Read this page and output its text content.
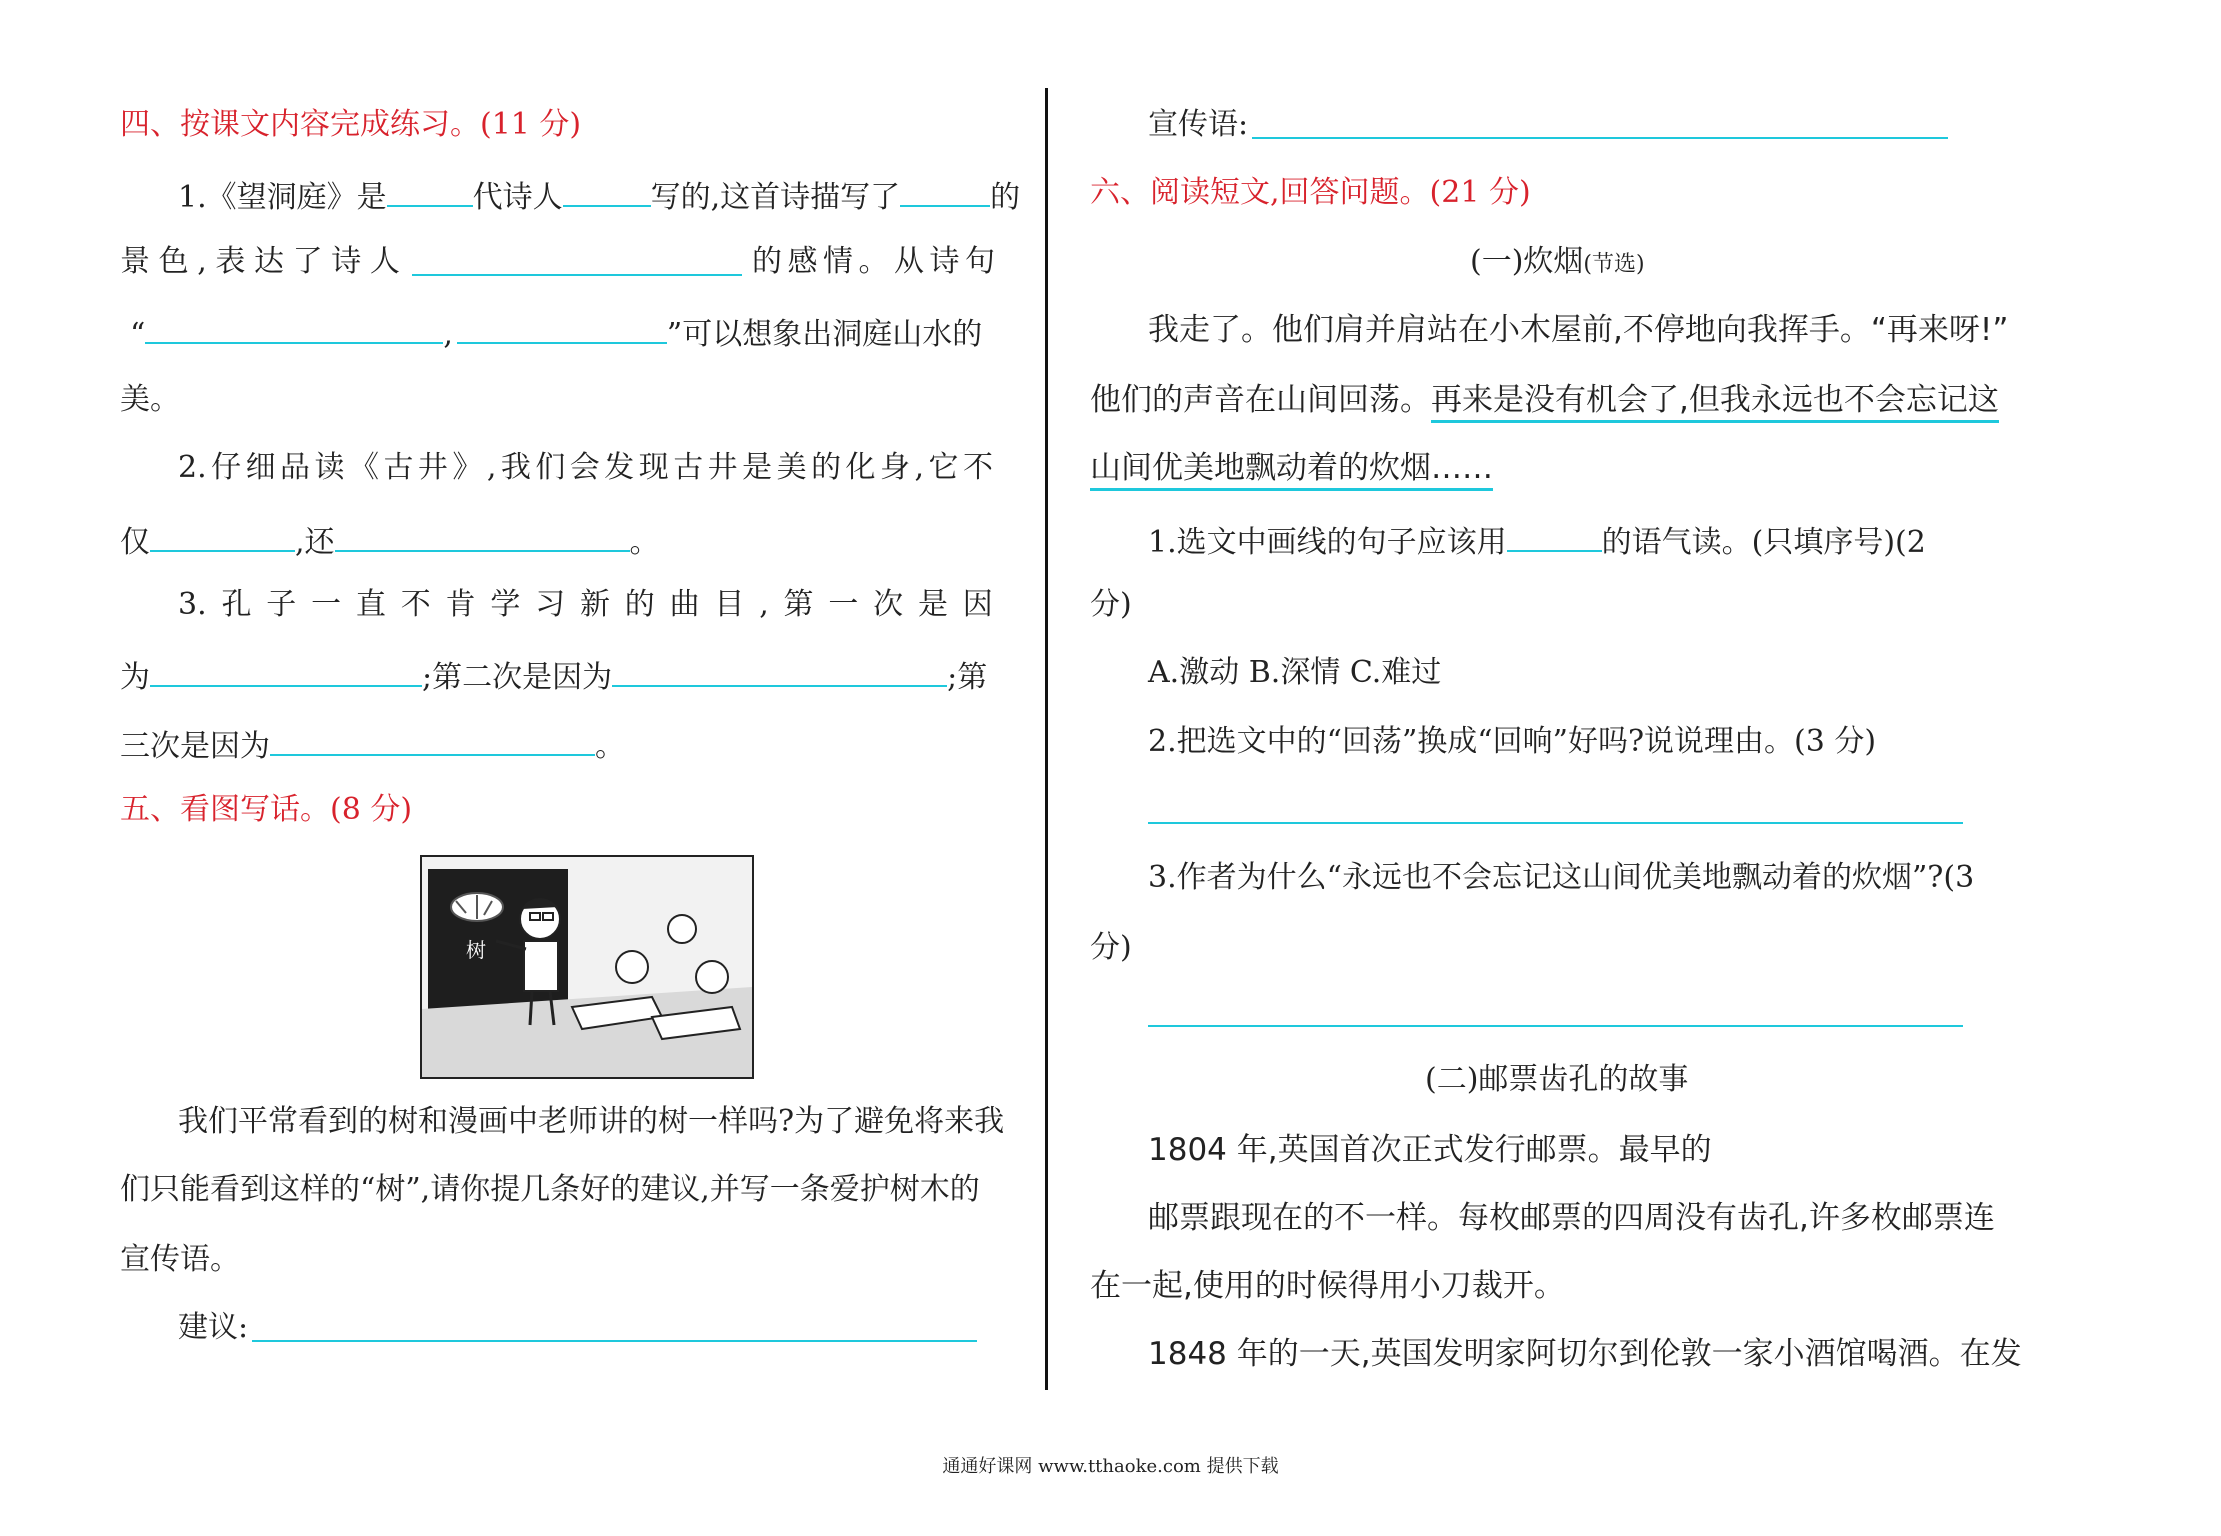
四、按课文内容完成练习。(11 分)
1.《望洞庭》是	代诗人	写的,这首诗描写了	的
景 色 , 表 达 了 诗 人	的 感 情 。 从 诗 句
“	,	”可以想象出洞庭山水的
美。
2. 仔 细 品 读 《 古 井 》 , 我 们 会 发 现 古 井 是 美 的 化 身 , 它 不
仅	,还	。
3. 孔 子 一 直 不 肯 学 习 新 的 曲 目 , 第 一 次 是 因
为	;第二次是因为	;第
三次是因为	。
五、看图写话。(8 分)
我们平常看到的树和漫画中老师讲的树一样吗?为了避免将来我
们只能看到这样的“树”,请你提几条好的建议,并写一条爱护树木的
宣传语。
建议:
树
宣传语:
六、阅读短文,回答问题。(21 分)
(一)炊烟(节选)
我走了。他们肩并肩站在小木屋前,不停地向我挥手。“再来呀!”
他们的声音在山间回荡。再来是没有机会了,但我永远也不会忘记这
山间优美地飘动着的炊烟……
1.选文中画线的句子应该用	的语气读。(只填序号)(2
分)
A.激动 B.深情 C.难过
2.把选文中的“回荡”换成“回响”好吗?说说理由。(3 分)
3.作者为什么“永远也不会忘记这山间优美地飘动着的炊烟”?(3
分)
(二)邮票齿孔的故事
1804 年,英国首次正式发行邮票。最早的
邮票跟现在的不一样。每枚邮票的四周没有齿孔,许多枚邮票连
在一起,使用的时候得用小刀裁开。
1848 年的一天,英国发明家阿切尔到伦敦一家小酒馆喝酒。在发
通通好课网 www.tthaoke.com 提供下载
